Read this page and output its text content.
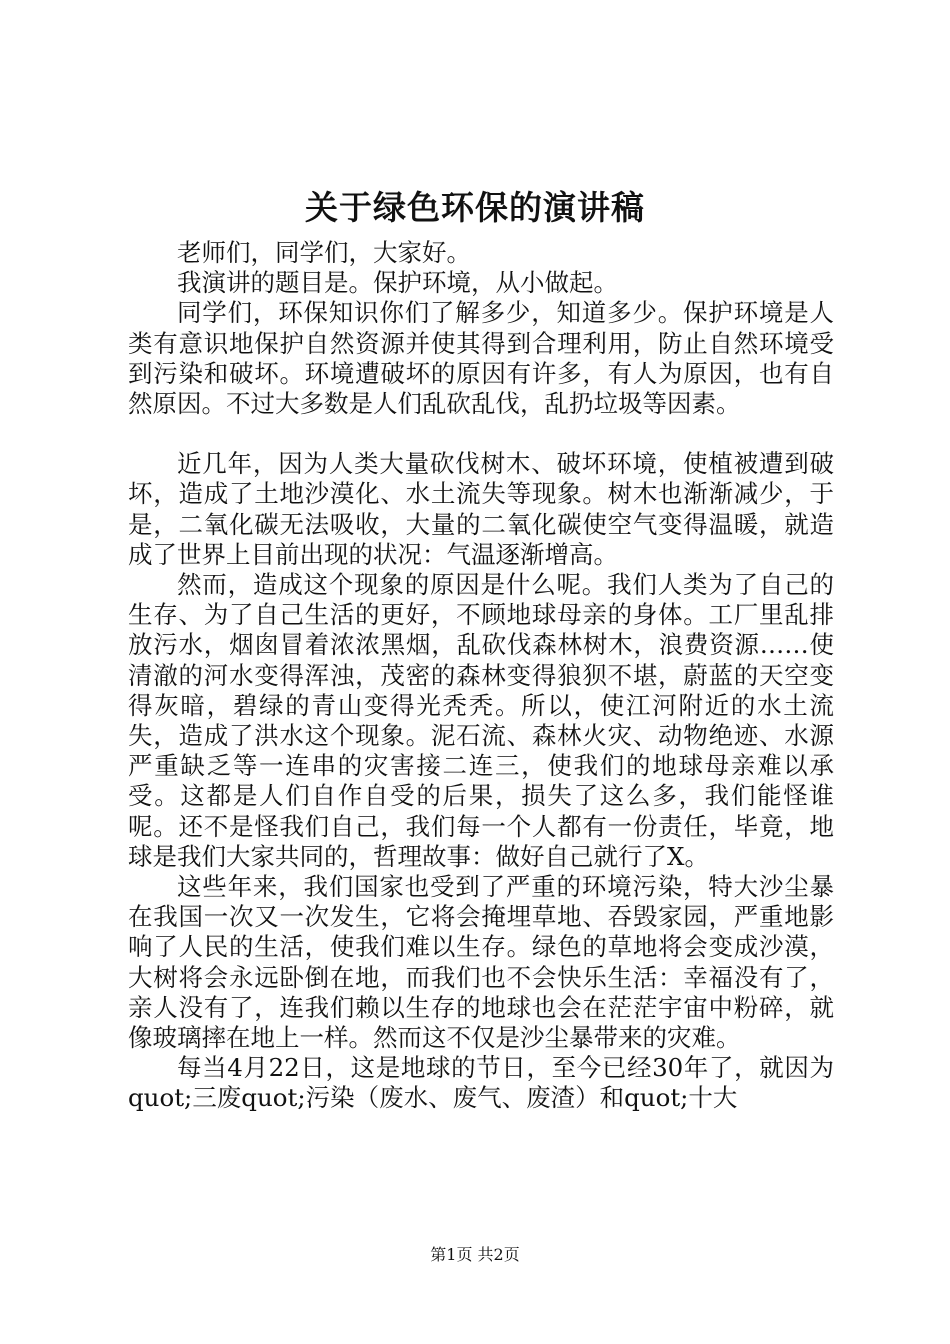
关于绿色环保的演讲稿

老师们，同学们，大家好。

我演讲的题目是。保护环境，从小做起。

同学们，环保知识你们了解多少，知道多少。保护环境是人类有意识地保护自然资源并使其得到合理利用，防止自然环境受到污染和破坏。环境遭破坏的原因有许多，有人为原因，也有自然原因。不过大多数是人们乱砍乱伐，乱扔垃圾等因素。

近几年，因为人类大量砍伐树木、破坏环境，使植被遭到破坏，造成了土地沙漠化、水土流失等现象。树木也渐渐减少，于是，二氧化碳无法吸收，大量的二氧化碳使空气变得温暖，就造成了世界上目前出现的状况：气温逐渐增高。

然而，造成这个现象的原因是什么呢。我们人类为了自己的生存、为了自己生活的更好，不顾地球母亲的身体。工厂里乱排放污水，烟囱冒着浓浓黑烟，乱砍伐森林树木，浪费资源……使清澈的河水变得浑浊，茂密的森林变得狼狈不堪，蔚蓝的天空变得灰暗，碧绿的青山变得光秃秃。所以，使江河附近的水土流失，造成了洪水这个现象。泥石流、森林火灾、动物绝迹、水源严重缺乏等一连串的灾害接二连三，使我们的地球母亲难以承受。这都是人们自作自受的后果，损失了这么多，我们能怪谁呢。还不是怪我们自己，我们每一个人都有一份责任，毕竟，地球是我们大家共同的，哲理故事：做好自己就行了X。

这些年来，我们国家也受到了严重的环境污染，特大沙尘暴在我国一次又一次发生，它将会掩埋草地、吞毁家园，严重地影响了人民的生活，使我们难以生存。绿色的草地将会变成沙漠，大树将会永远卧倒在地，而我们也不会快乐生活：幸福没有了，亲人没有了，连我们赖以生存的地球也会在茫茫宇宙中粉碎，就像玻璃摔在地上一样。然而这不仅是沙尘暴带来的灾难。

每当4月22日，这是地球的节日，至今已经30年了，就因为quot;三废quot;污染（废水、废气、废渣）和quot;十大

第1页 共2页
